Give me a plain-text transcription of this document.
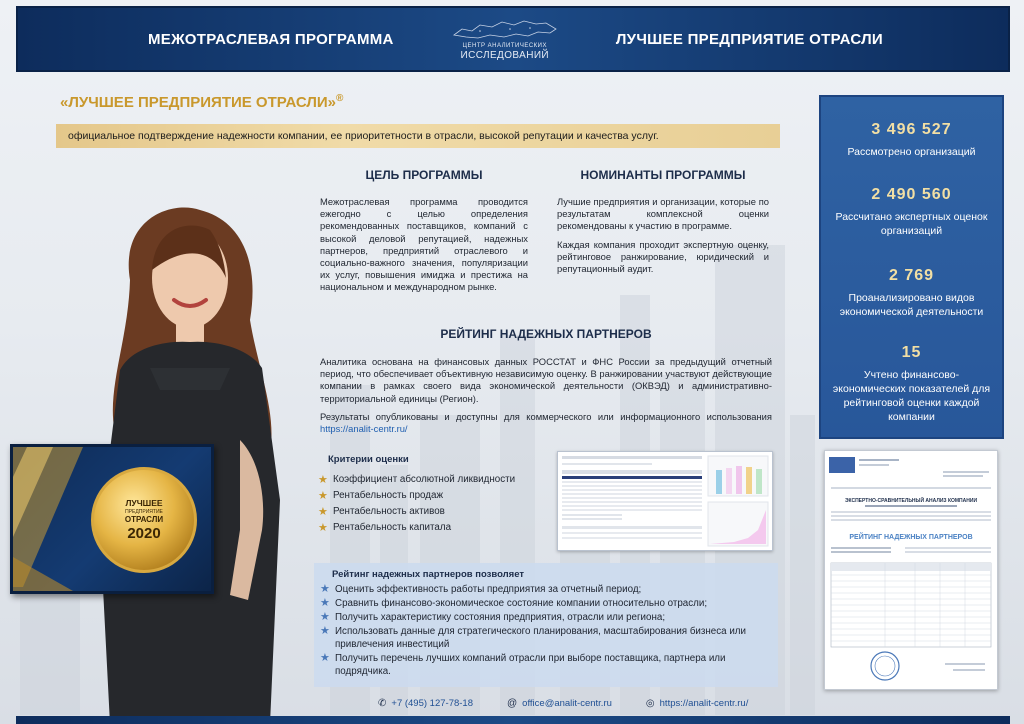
МЕЖОТРАСЛЕВАЯ ПРОГРАММА	ЦЕНТР АНАЛИТИЧЕСКИХ
ИССЛЕДОВАНИЙ
ЛУЧШЕЕ ПРЕДПРИЯТИЕ ОТРАСЛИ
«ЛУЧШЕЕ ПРЕДПРИЯТИЕ ОТРАСЛИ»®
официальное подтверждение надежности компании, ее приоритетности в отрасли, высокой репутации и качества услуг.
ЦЕЛЬ ПРОГРАММЫ
Межотраслевая программа проводится ежегодно с целью определения рекомендованных поставщиков, компаний с высокой деловой репутацией, надежных партнеров, предприятий отраслевого и социально-важного значения, популяризации их услуг, повышения имиджа и престижа на национальном и международном рынке.
НОМИНАНТЫ ПРОГРАММЫ

Лучшие предприятия и организации, которые по результатам комплексной оценки рекомендованы к участию в программе.

Каждая компания проходит экспертную оценку, рейтинговое ранжирование, юридический и репутационный аудит.

РЕЙТИНГ НАДЕЖНЫХ ПАРТНЕРОВ

Аналитика основана на финансовых данных РОССТАТ и ФНС России за предыдущий отчетный период, что обеспечивает объективную независимую оценку. В ранжировании участвуют действующие компании в рамках своего вида экономической деятельности (ОКВЭД) и административно-территориальной единицы (Регион).

Результаты опубликованы и доступны для коммерческого или информационного использования https://analit-centr.ru/

Критерии оценки
★ Коэффициент абсолютной ликвидности
★ Рентабельность продаж
★ Рентабельность активов
★ Рентабельность капитала
Рейтинг надежных партнеров позволяет
★ Оценить эффективность работы предприятия за отчетный период;
★ Сравнить финансово-экономическое состояние компании относительно отрасли;
★ Получить характеристику состояния предприятия, отрасли или региона;
★ Использовать данные для стратегического планирования, масштабирования бизнеса или привлечения инвестиций
★ Получить перечень лучших компаний отрасли при выборе поставщика, партнера или подрядчика.
3 496 527
Рассмотрено организаций
2 490 560
Рассчитано экспертных оценок организаций
2 769
Проанализировано видов экономической деятельности
15
Учтено финансово-экономических показателей для рейтинговой оценки каждой компании
ЭКСПЕРТНО-СРАВНИТЕЛЬНЫЙ АНАЛИЗ КОМПАНИИ
РЕЙТИНГ НАДЕЖНЫХ ПАРТНЕРОВ
ЛУЧШЕЕ
ПРЕДПРИЯТИЕ
ОТРАСЛИ
2020
✆ +7 (495) 127-78-18	@ office@analit-centr.ru	◎ https://analit-centr.ru/
